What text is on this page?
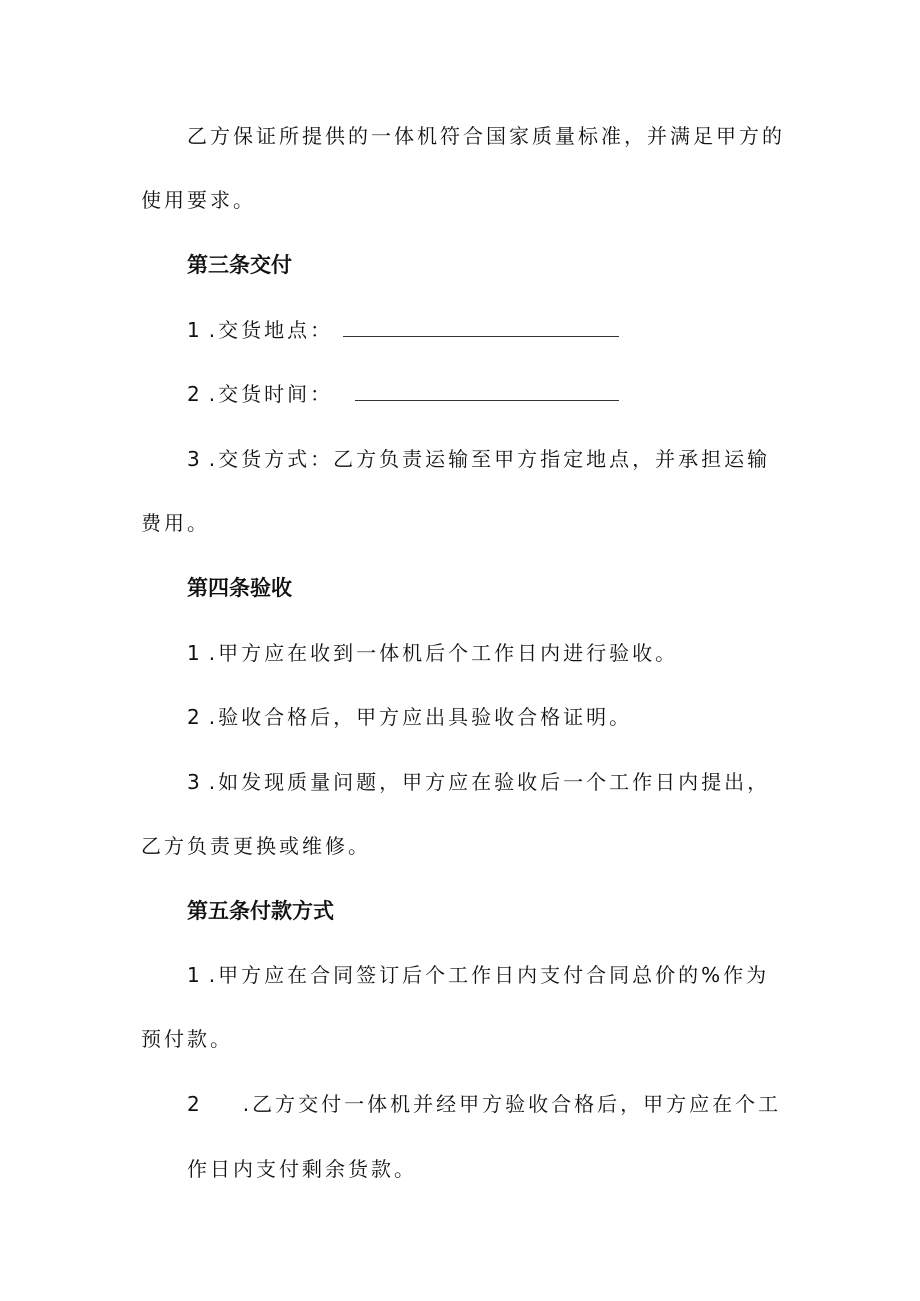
乙方保证所提供的一体机符合国家质量标准，并满足甲方的
使用要求。
第三条交付
1 .交货地点：
2 .交货时间：
3 .交货方式：乙方负责运输至甲方指定地点，并承担运输
费用。
第四条验收
1 .甲方应在收到一体机后个工作日内进行验收。
2 .验收合格后，甲方应出具验收合格证明。
3 .如发现质量问题，甲方应在验收后一个工作日内提出，
乙方负责更换或维修。
第五条付款方式
1 .甲方应在合同签订后个工作日内支付合同总价的%作为
预付款。
2 .乙方交付一体机并经甲方验收合格后，甲方应在个工
作日内支付剩余货款。
